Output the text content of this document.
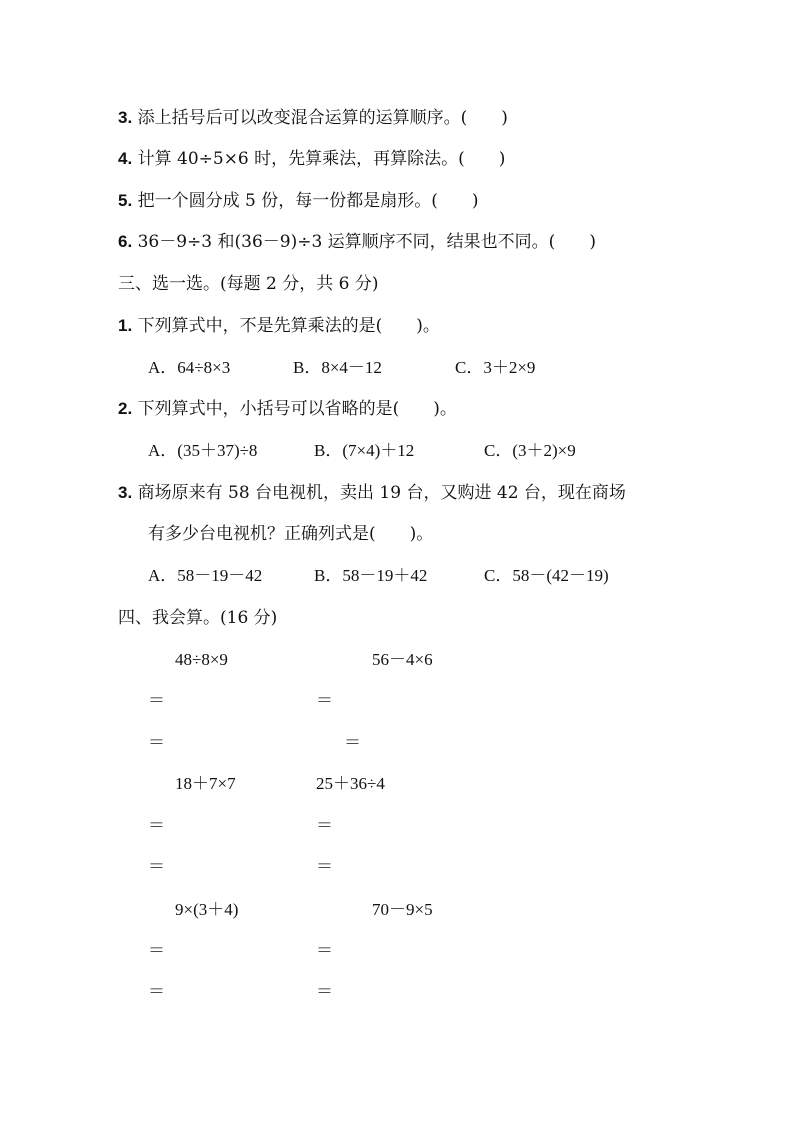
3. 添上括号后可以改变混合运算的运算顺序。(　　)
4. 计算 40÷5×6 时，先算乘法，再算除法。(　　)
5. 把一个圆分成 5 份，每一份都是扇形。(　　)
6. 36－9÷3 和(36－9)÷3 运算顺序不同，结果也不同。(　　)
三、选一选。(每题 2 分，共 6 分)
1. 下列算式中，不是先算乘法的是(　　)。
A．64÷8×3	B．8×4－12	C．3＋2×9
2. 下列算式中，小括号可以省略的是(　　)。
A．(35＋37)÷8	B．(7×4)＋12	C．(3＋2)×9
3. 商场原来有 58 台电视机，卖出 19 台，又购进 42 台，现在商场
有多少台电视机？正确列式是(　　)。
A．58－19－42	B．58－19＋42	C．58－(42－19)
四、我会算。(16 分)
48÷8×9	56－4×6
＝	＝
＝	＝
18＋7×7	25＋36÷4
＝	＝
＝	＝
9×(3＋4)	70－9×5
＝	＝
＝	＝
